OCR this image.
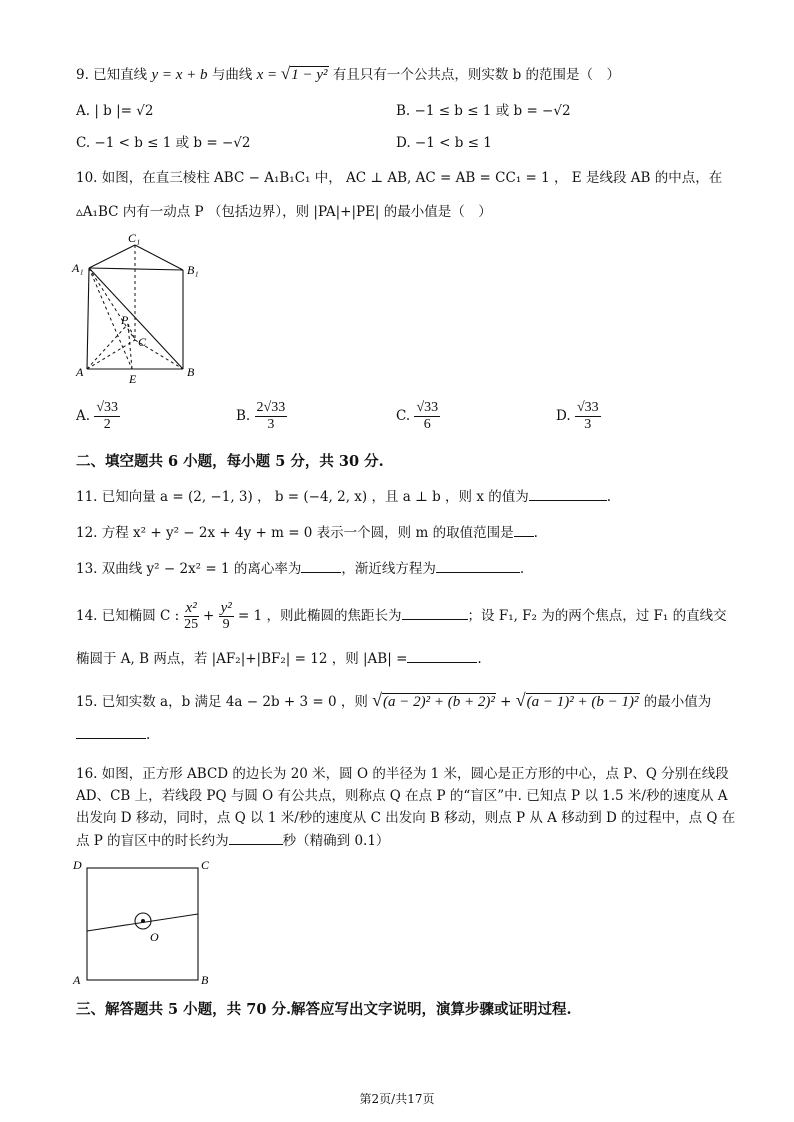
9. 已知直线 y = x + b 与曲线 x = √1 − y² 有且只有一个公共点，则实数 b 的范围是（　）
A. | b |= √2	B. −1 ≤ b ≤ 1 或 b = −√2
C. −1 < b ≤ 1 或 b = −√2	D. −1 < b ≤ 1
10. 如图，在直三棱柱 ABC − A₁B₁C₁ 中， AC ⊥ AB, AC = AB = CC₁ = 1 ， E 是线段 AB 的中点，在
▵A₁BC 内有一动点 P （包括边界），则 |PA|+|PE| 的最小值是（　）
C₁
A₁	B₁
P
C
A	E	B
A. $\frac{√33}{2}$	B. $\frac{2√33}{3}$	C. $\frac{√33}{6}$	D. $\frac{√33}{3}$
二、填空题共 6 小题，每小题 5 分，共 30 分.
11. 已知向量 a = (2, −1, 3) ， b = (−4, 2, x) ，且 a ⊥ b ，则 x 的值为	.
12. 方程 x² + y² − 2x + 4y + m = 0 表示一个圆，则 m 的取值范围是 .
13. 双曲线 y² − 2x² = 1 的离心率为	，渐近线方程为	.
14. 已知椭圆 C : $\frac{\text{x²}}{25} + \frac{\text{y²}}{9} = 1$ ，则此椭圆的焦距长为	；设 F₁, F₂ 为的两个焦点，过 F₁ 的直线交
椭圆于 A, B 两点，若 |AF₂|+|BF₂| = 12 ，则 |AB| =	.
15. 已知实数 a，b 满足 4a − 2b + 3 = 0 ，则 √(a − 2)² + (b + 2)² + √(a − 1)² + (b − 1)² 的最小值为
.
16. 如图，正方形 ABCD 的边长为 20 米，圆 O 的半径为 1 米，圆心是正方形的中心，点 P、Q 分别在线段
AD、CB 上，若线段 PQ 与圆 O 有公共点，则称点 Q 在点 P 的“盲区”中. 已知点 P 以 1.5 米/秒的速度从 A
出发向 D 移动，同时，点 Q 以 1 米/秒的速度从 C 出发向 B 移动，则点 P 从 A 移动到 D 的过程中，点 Q 在
点 P 的盲区中的时长约为	秒（精确到 0.1）
D	C
O
A	B
三、解答题共 5 小题，共 70 分.解答应写出文字说明，演算步骤或证明过程.
第2页/共17页
